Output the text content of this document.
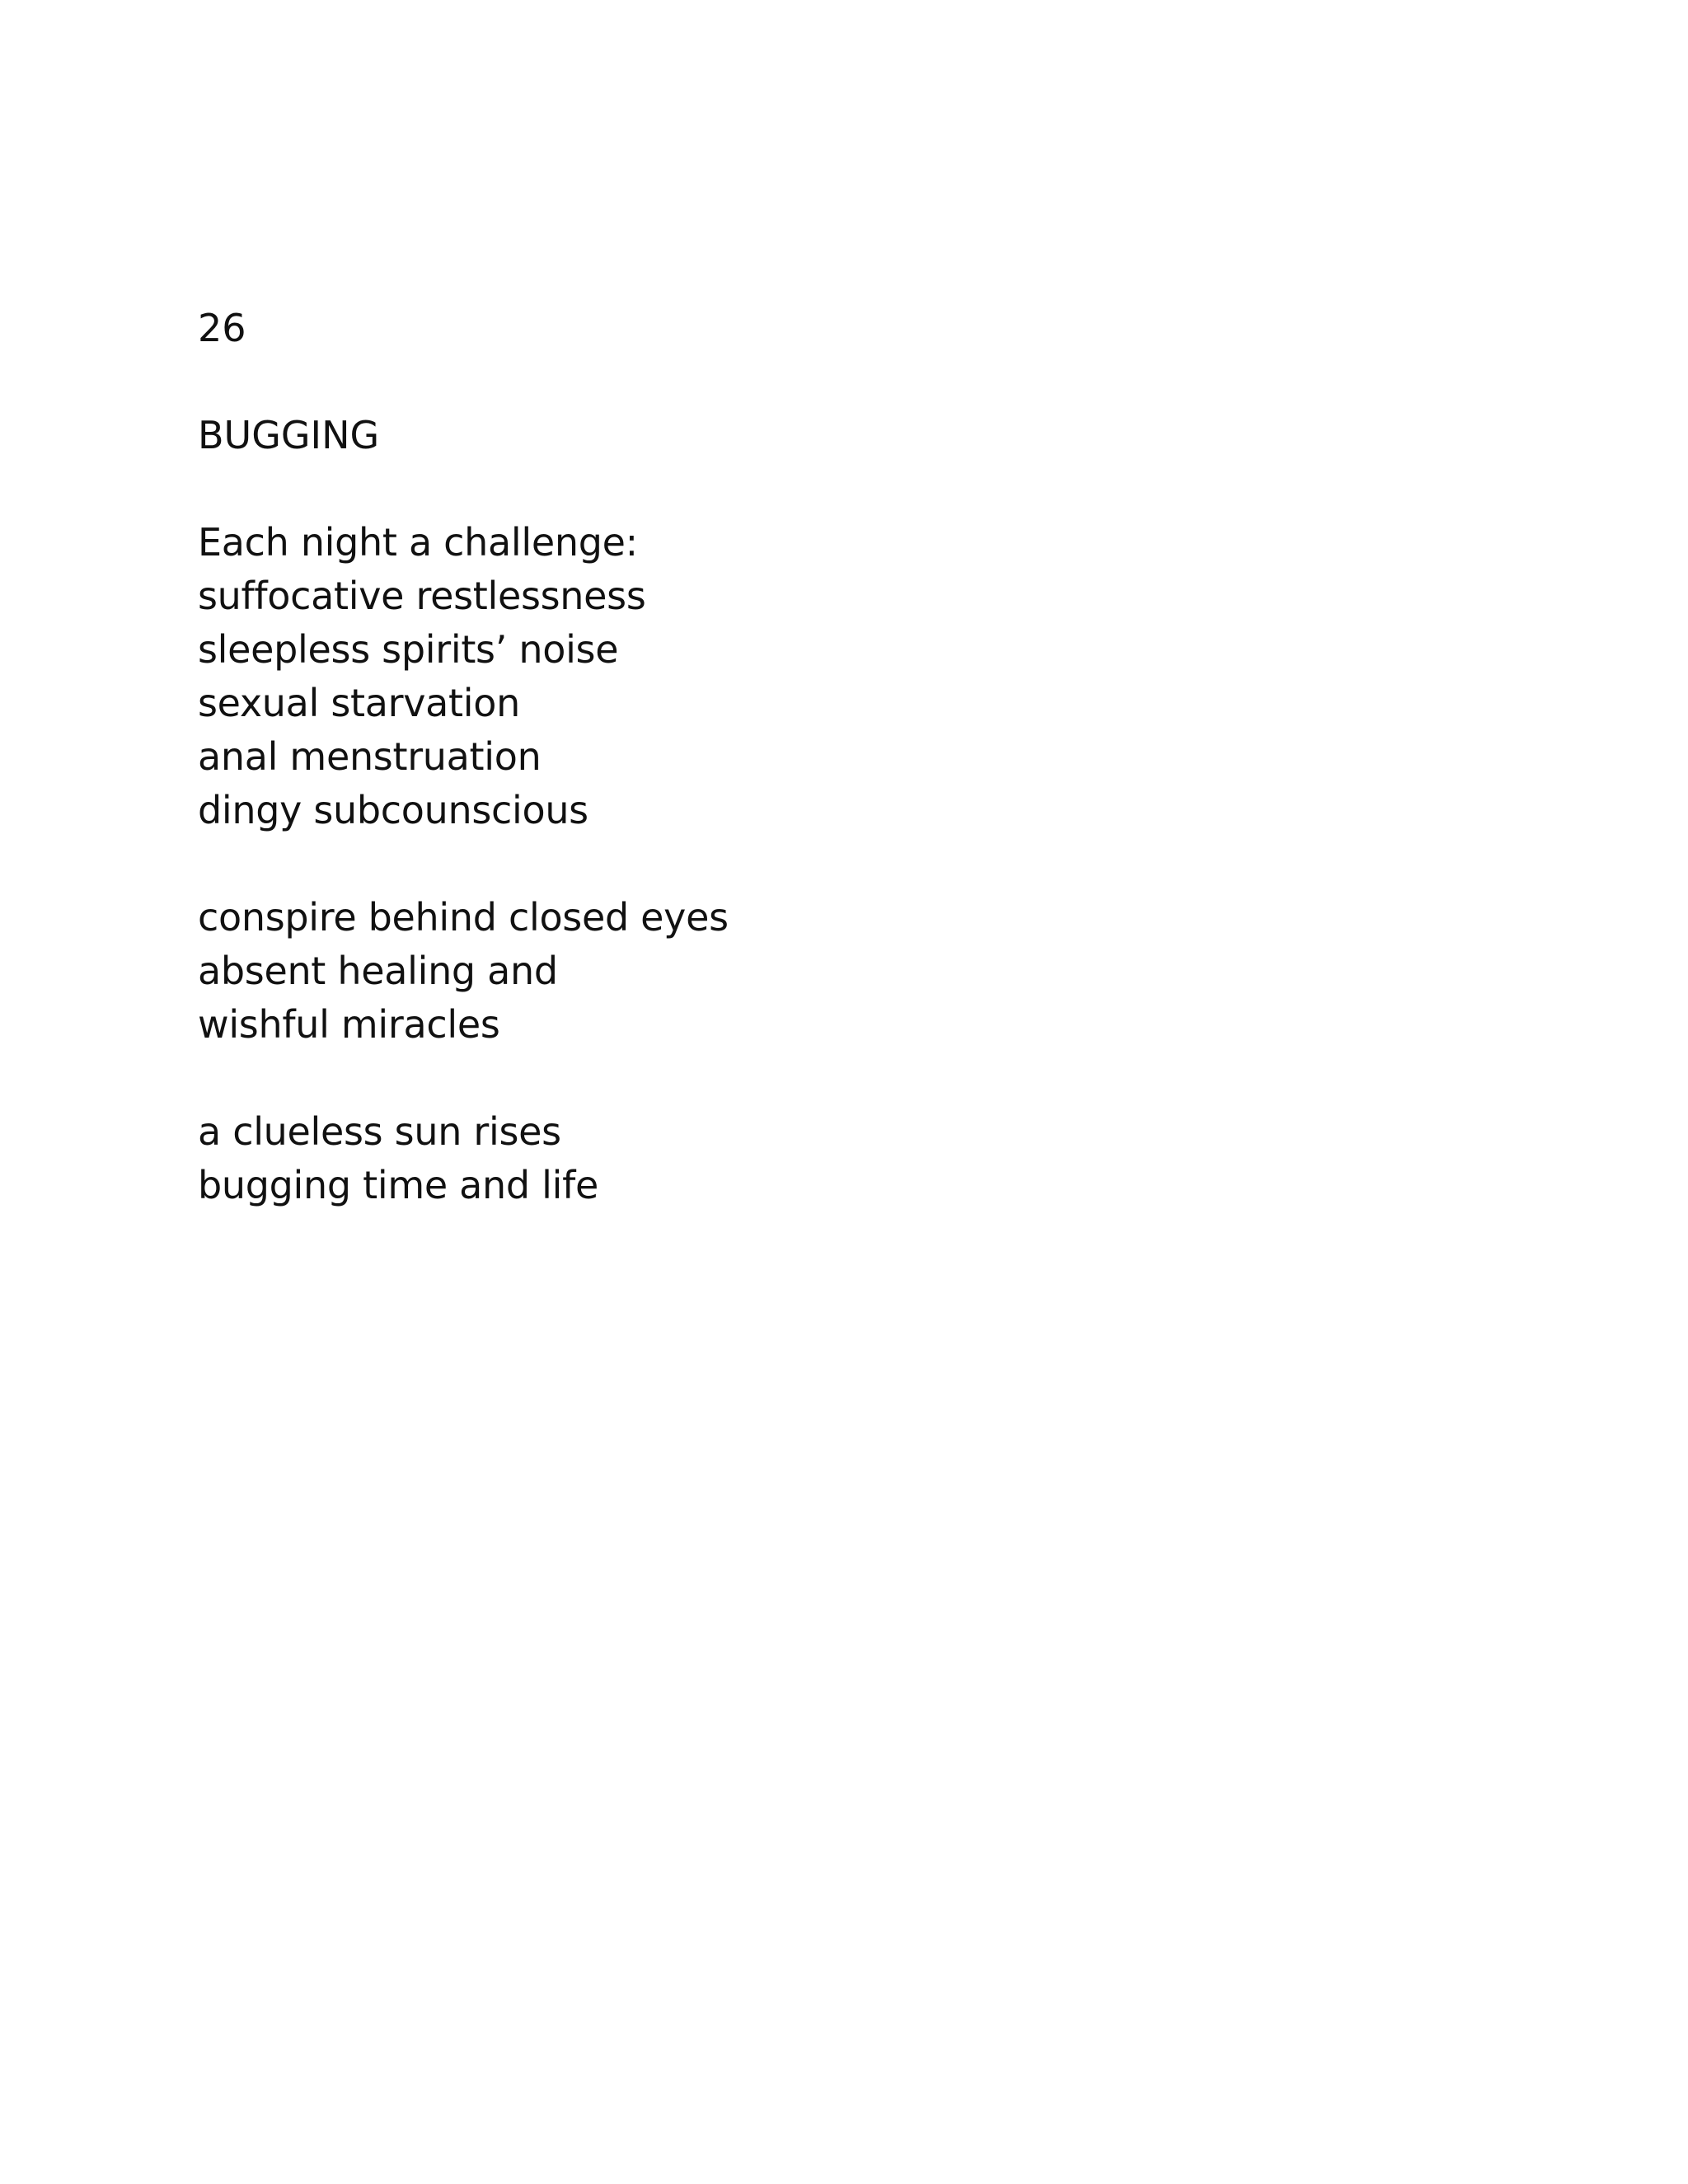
26
BUGGING
Each night a challenge:
suffocative restlessness
sleepless spirits’ noise
sexual starvation
anal menstruation
dingy subcounscious
conspire behind closed eyes
absent healing and
wishful miracles
a clueless sun rises
bugging time and life
